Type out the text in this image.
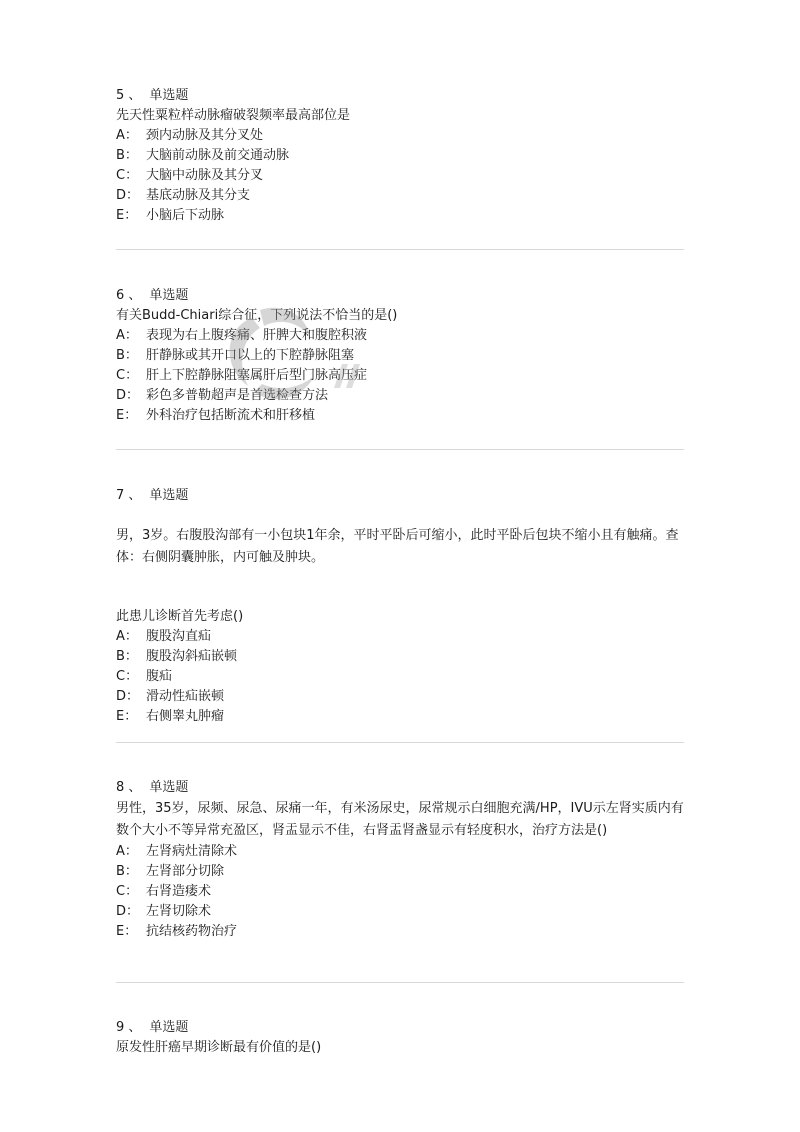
5 、 单选题
先天性粟粒样动脉瘤破裂频率最高部位是
A： 颈内动脉及其分叉处
B： 大脑前动脉及前交通动脉
C： 大脑中动脉及其分叉
D： 基底动脉及其分支
E： 小脑后下动脉
6 、 单选题
有关Budd-Chiari综合征，下列说法不恰当的是()
A： 表现为右上腹疼痛、肝脾大和腹腔积液
B： 肝静脉或其开口以上的下腔静脉阻塞
C： 肝上下腔静脉阻塞属肝后型门脉高压症
D： 彩色多普勒超声是首选检查方法
E： 外科治疗包括断流术和肝移植
7 、 单选题
男，3岁。右腹股沟部有一小包块1年余，平时平卧后可缩小，此时平卧后包块不缩小且有触痛。查体：右侧阴囊肿胀，内可触及肿块。
此患儿诊断首先考虑()
A： 腹股沟直疝
B： 腹股沟斜疝嵌顿
C： 腹疝
D： 滑动性疝嵌顿
E： 右侧睾丸肿瘤
8 、 单选题
男性，35岁，尿频、尿急、尿痛一年，有米汤尿史，尿常规示白细胞充满/HP，IVU示左肾实质内有数个大小不等异常充盈区，肾盂显示不佳，右肾盂肾盏显示有轻度积水，治疗方法是()
A： 左肾病灶清除术
B： 左肾部分切除
C： 右肾造瘘术
D： 左肾切除术
E： 抗结核药物治疗
9 、 单选题
原发性肝癌早期诊断最有价值的是()
